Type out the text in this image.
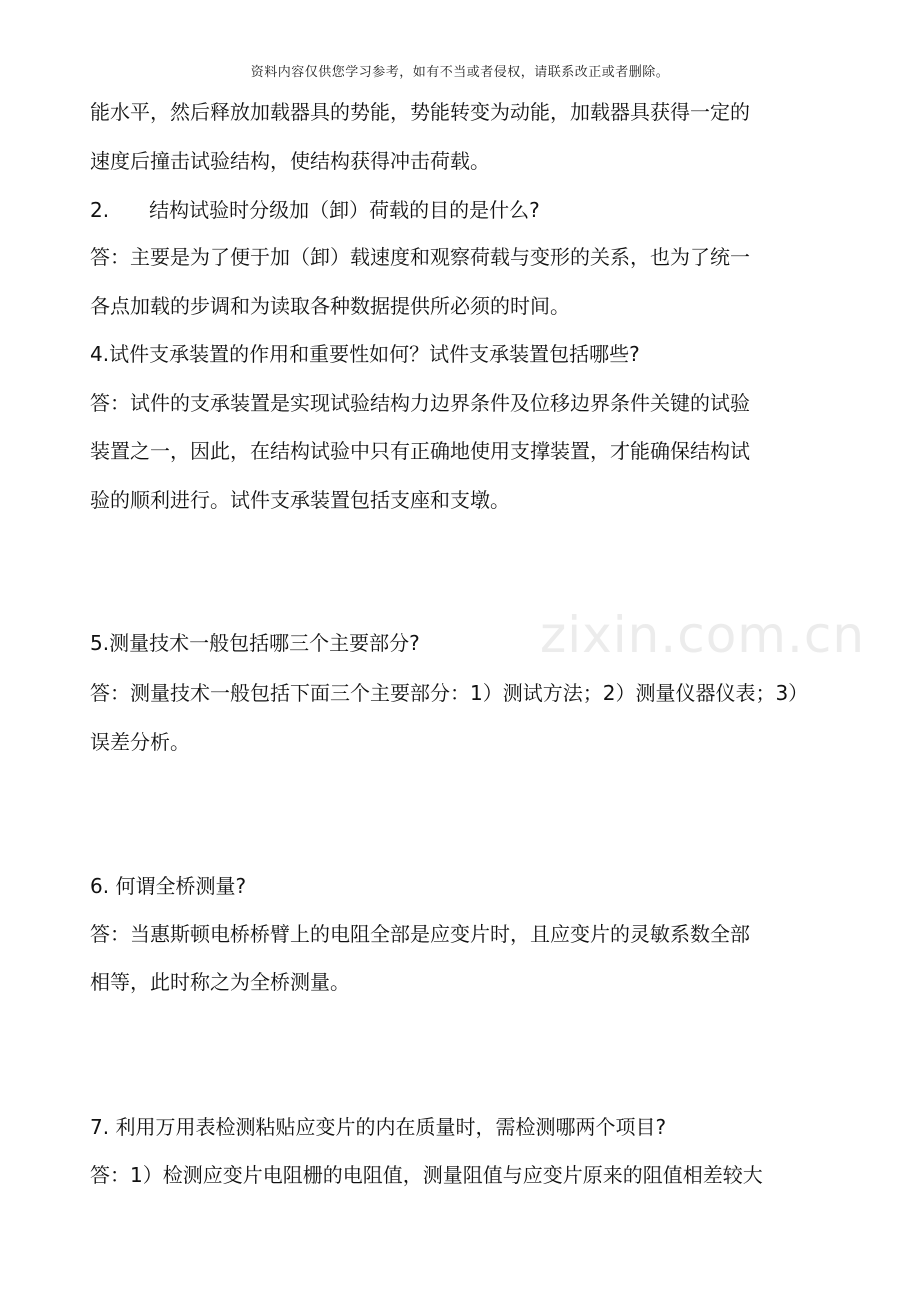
zixin.com.cn
资料内容仅供您学习参考，如有不当或者侵权，请联系改正或者删除。
能水平，然后释放加载器具的势能，势能转变为动能，加载器具获得一定的
速度后撞击试验结构，使结构获得冲击荷载。
2.　　结构试验时分级加（卸）荷载的目的是什么?
答：主要是为了便于加（卸）载速度和观察荷载与变形的关系，也为了统一
各点加载的步调和为读取各种数据提供所必须的时间。
4.试件支承装置的作用和重要性如何？试件支承装置包括哪些?
答：试件的支承装置是实现试验结构力边界条件及位移边界条件关键的试验
装置之一，因此，在结构试验中只有正确地使用支撑装置，才能确保结构试
验的顺利进行。试件支承装置包括支座和支墩。
5.测量技术一般包括哪三个主要部分?
答：测量技术一般包括下面三个主要部分：1）测试方法；2）测量仪器仪表；3）
误差分析。
6. 何谓全桥测量?
答：当惠斯顿电桥桥臂上的电阻全部是应变片时，且应变片的灵敏系数全部
相等，此时称之为全桥测量。
7. 利用万用表检测粘贴应变片的内在质量时，需检测哪两个项目?
答：1）检测应变片电阻栅的电阻值，测量阻值与应变片原来的阻值相差较大
